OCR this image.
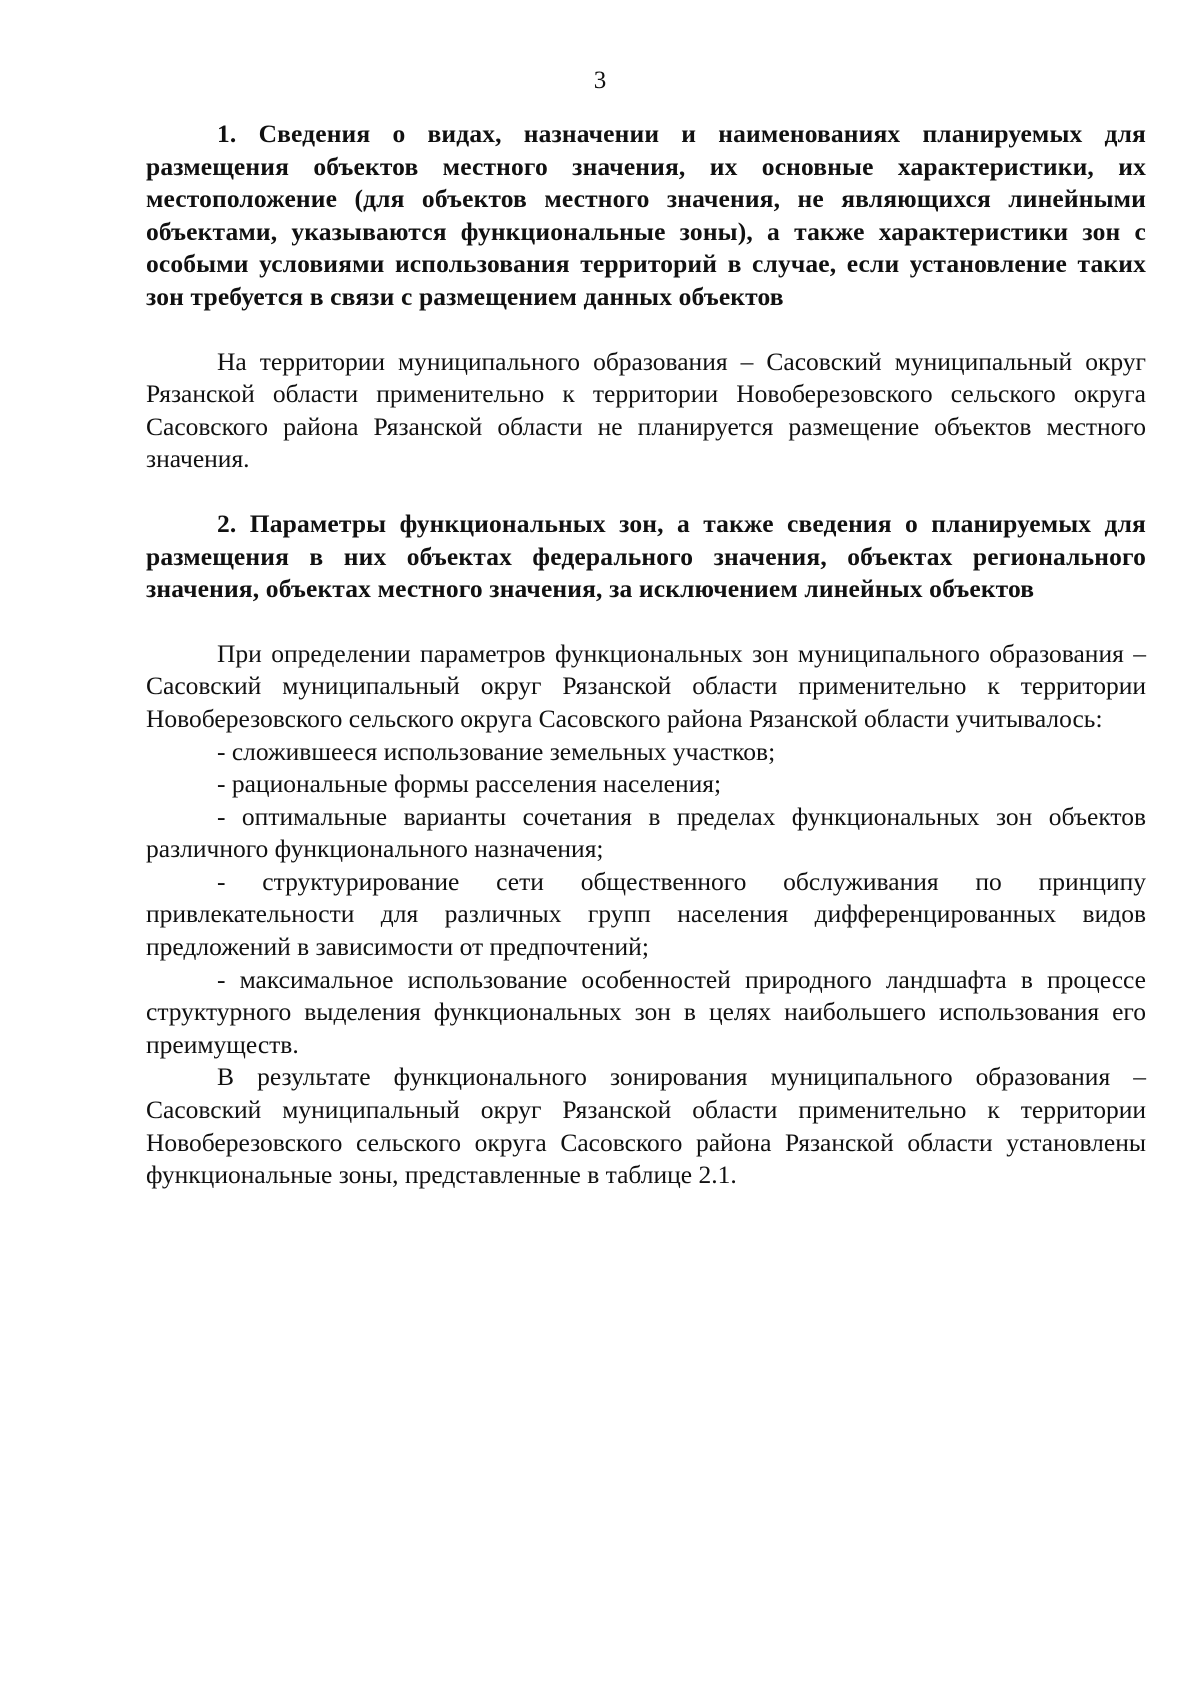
3

1. Сведения о видах, назначении и наименованиях планируемых для размещения объектов местного значения, их основные характеристики, их местоположение (для объектов местного значения, не являющихся линейными объектами, указываются функциональные зоны), а также характеристики зон с особыми условиями использования территорий в случае, если установление таких зон требуется в связи с размещением данных объектов

На территории муниципального образования – Сасовский муниципальный округ Рязанской области применительно к территории Новоберезовского сельского округа Сасовского района Рязанской области не планируется размещение объектов местного значения.

2. Параметры функциональных зон, а также сведения о планируемых для размещения в них объектах федерального значения, объектах регионального значения, объектах местного значения, за исключением линейных объектов

При определении параметров функциональных зон муниципального образования – Сасовский муниципальный округ Рязанской области применительно к территории Новоберезовского сельского округа Сасовского района Рязанской области учитывалось:

- сложившееся использование земельных участков;
- рациональные формы расселения населения;
- оптимальные варианты сочетания в пределах функциональных зон объектов различного функционального назначения;
- структурирование сети общественного обслуживания по принципу привлекательности для различных групп населения дифференцированных видов предложений в зависимости от предпочтений;
- максимальное использование особенностей природного ландшафта в процессе структурного выделения функциональных зон в целях наибольшего использования его преимуществ.

В результате функционального зонирования муниципального образования – Сасовский муниципальный округ Рязанской области применительно к территории Новоберезовского сельского округа Сасовского района Рязанской области установлены функциональные зоны, представленные в таблице 2.1.
